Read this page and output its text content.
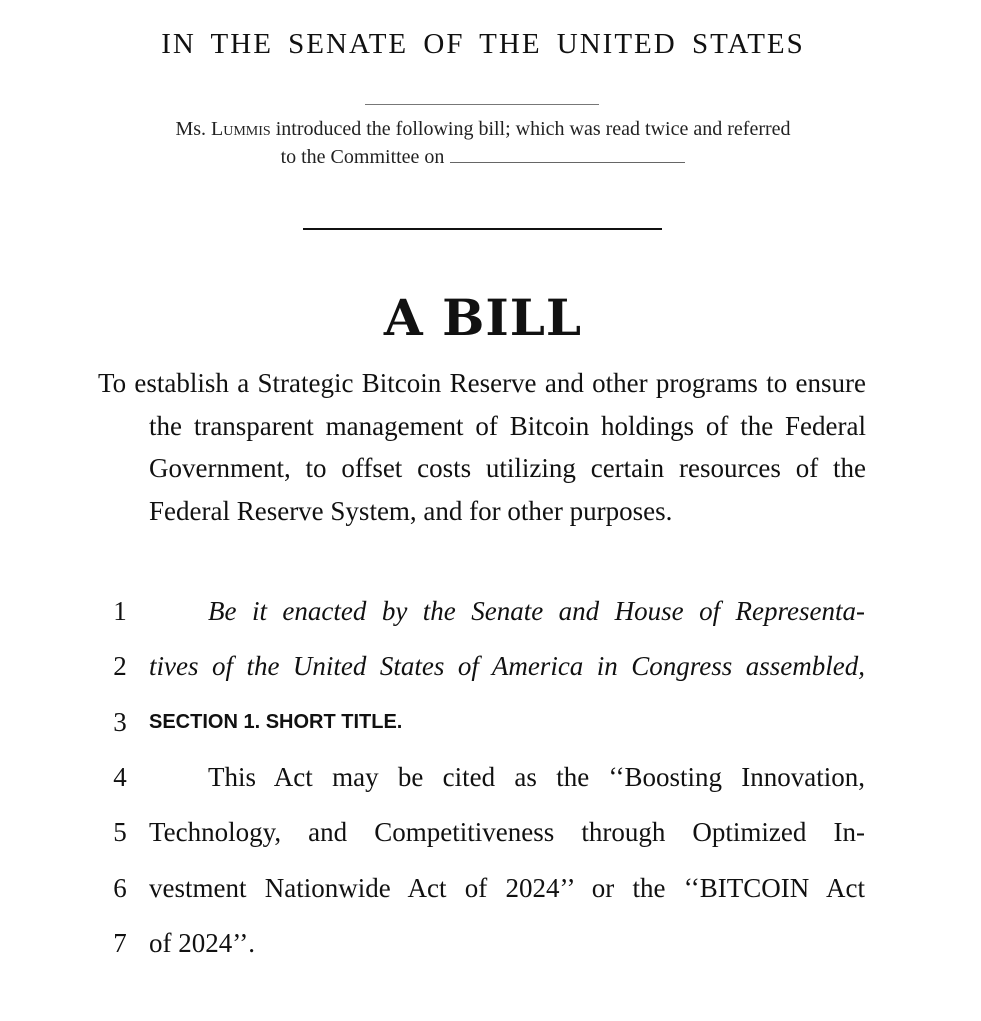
IN THE SENATE OF THE UNITED STATES
Ms. Lummis introduced the following bill; which was read twice and referred
to the Committee on
A BILL
To establish a Strategic Bitcoin Reserve and other programs to ensure the transparent management of Bitcoin holdings of the Federal Government, to offset costs utilizing certain resources of the Federal Reserve System, and for other purposes.
1	Be it enacted by the Senate and House of Representa-
2 tives of the United States of America in Congress assembled,
3	SECTION 1. SHORT TITLE.
4	This Act may be cited as the ‘‘Boosting Innovation,
5 Technology, and Competitiveness through Optimized In-
6 vestment Nationwide Act of 2024’’ or the ‘‘BITCOIN Act
7 of 2024’’.
